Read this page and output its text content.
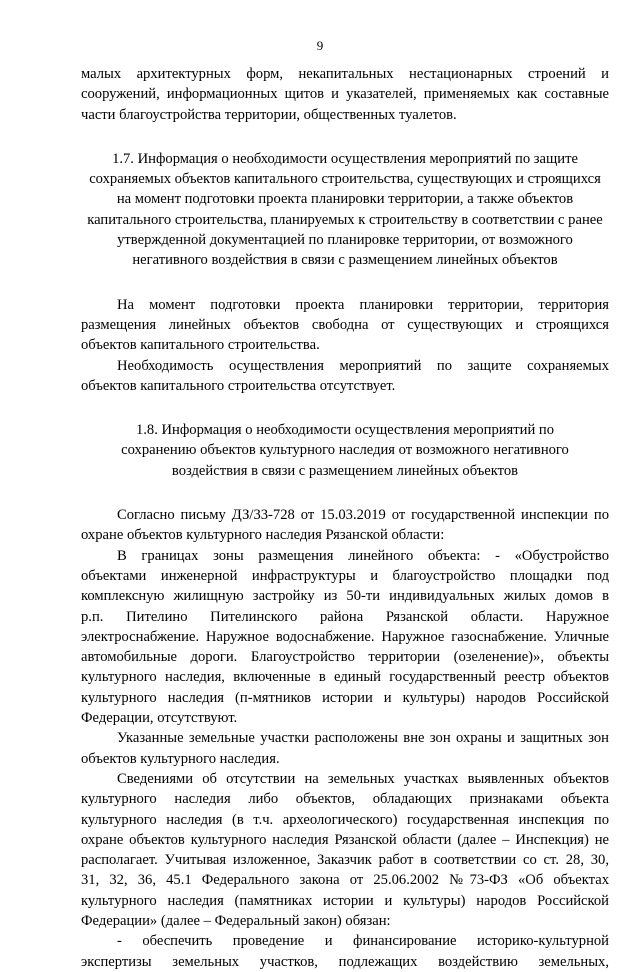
9
малых архитектурных форм, некапитальных нестационарных строений и
сооружений, информационных щитов и указателей, применяемых как составные
части благоустройства территории, общественных туалетов.
1.7. Информация о необходимости осуществления мероприятий по защите
сохраняемых объектов капитального строительства, существующих и строящихся
на момент подготовки проекта планировки территории, а также объектов
капитального строительства, планируемых к строительству в соответствии с ранее
утвержденной документацией по планировке территории, от возможного
негативного воздействия в связи с размещением линейных объектов
На момент подготовки проекта планировки территории, территория
размещения линейных объектов свободна от существующих и строящихся
объектов капитального строительства.
Необходимость осуществления мероприятий по защите сохраняемых
объектов капитального строительства отсутствует.
1.8. Информация о необходимости осуществления мероприятий по
сохранению объектов культурного наследия от возможного негативного
воздействия в связи с размещением линейных объектов
Согласно письму ДЗ/33-728 от 15.03.2019 от государственной инспекции по
охране объектов культурного наследия Рязанской области:
В границах зоны размещения линейного объекта: - «Обустройство
объектами инженерной инфраструктуры и благоустройство площадки под
комплексную жилищную застройку из 50-ти индивидуальных жилых домов в
р.п. Пителино Пителинского района Рязанской области. Наружное
электроснабжение. Наружное водоснабжение. Наружное газоснабжение. Уличные
автомобильные дороги. Благоустройство территории (озеленение)», объекты
культурного наследия, включенные в единый государственный реестр объектов
культурного наследия (п-мятников истории и культуры) народов Российской
Федерации, отсутствуют.
Указанные земельные участки расположены вне зон охраны и защитных зон
объектов культурного наследия.
Сведениями об отсутствии на земельных участках выявленных объектов
культурного наследия либо объектов, обладающих признаками объекта
культурного наследия (в т.ч. археологического) государственная инспекция по
охране объектов культурного наследия Рязанской области (далее – Инспекция) не
располагает. Учитывая изложенное, Заказчик работ в соответствии со ст. 28, 30,
31, 32, 36, 45.1 Федерального закона от 25.06.2002 №73-ФЗ «Об объектах
культурного наследия (памятниках истории и культуры) народов Российской
Федерации» (далее – Федеральный закон) обязан:
- обеспечить проведение и финансирование историко-культурной
экспертизы земельных участков, подлежащих воздействию земельных,
